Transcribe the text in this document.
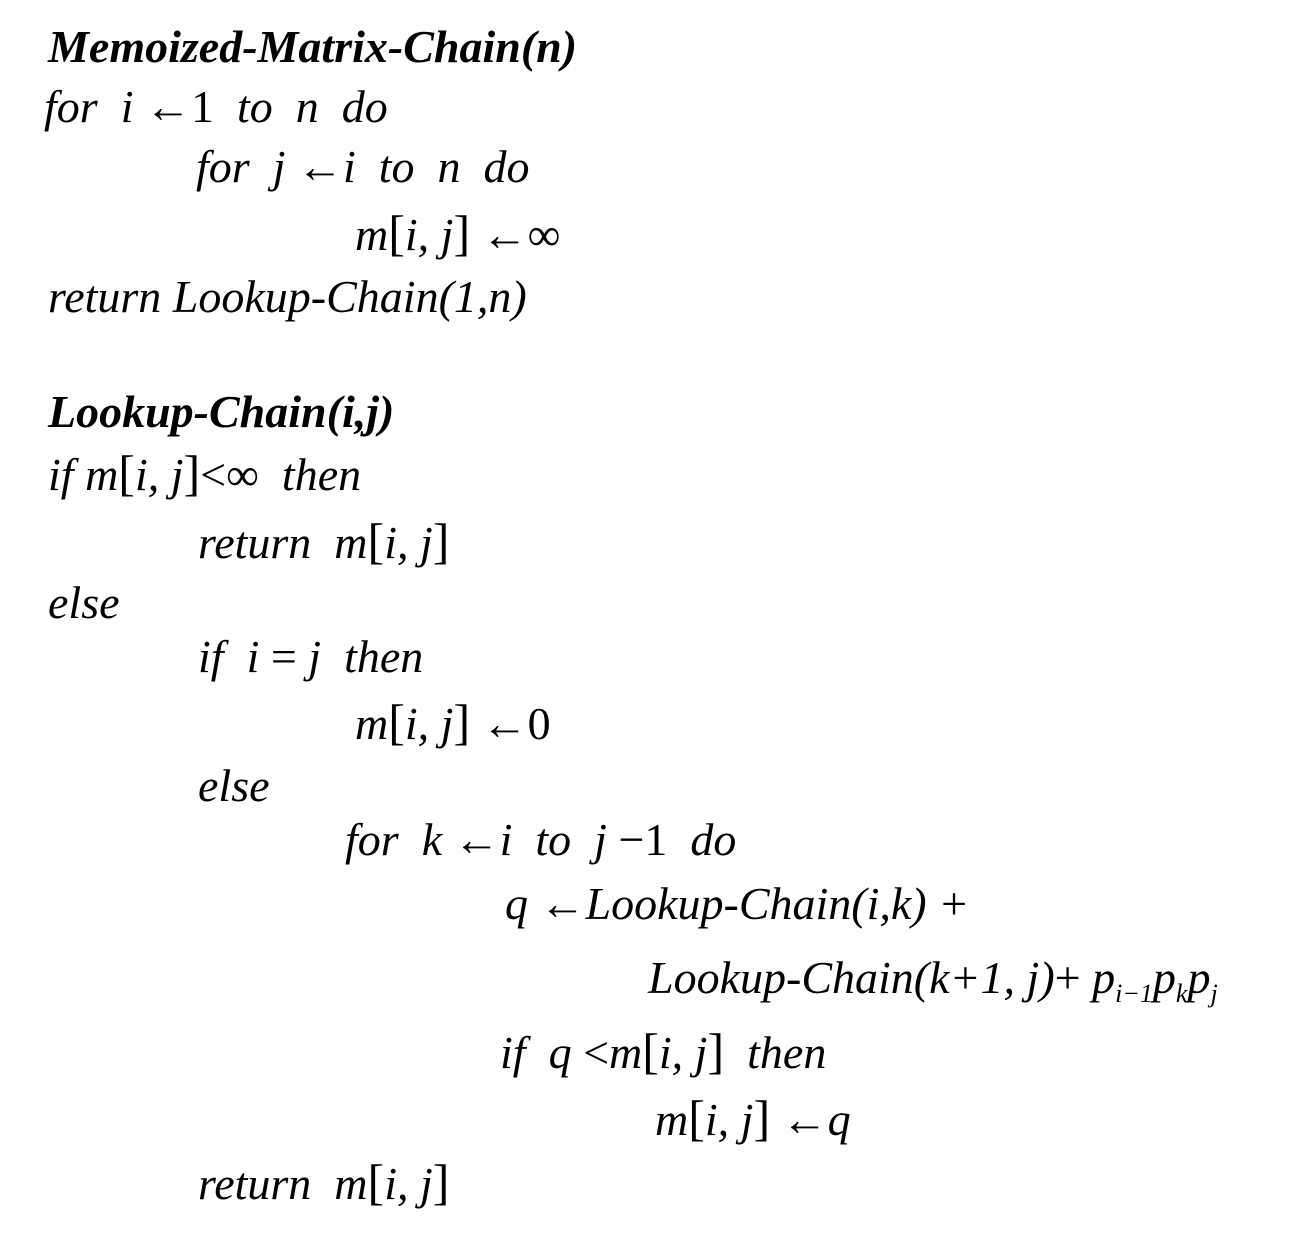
Memoized-Matrix-Chain(n)
for i ←1 to n do
for j ←i to n do
m[i, j] ←∞
return Lookup-Chain(1,n)
Lookup-Chain(i,j)
if m[i, j]<∞ then
return m[i, j]
else
if i = j then
m[i, j] ←0
else
for k ←i to j −1 do
q ←Lookup-Chain(i,k) +
Lookup-Chain(k+1, $j)+ p_{i-1}p_kp_j$
if q <m[i, j] then
m[i, j] ←q
return m[i, j]
